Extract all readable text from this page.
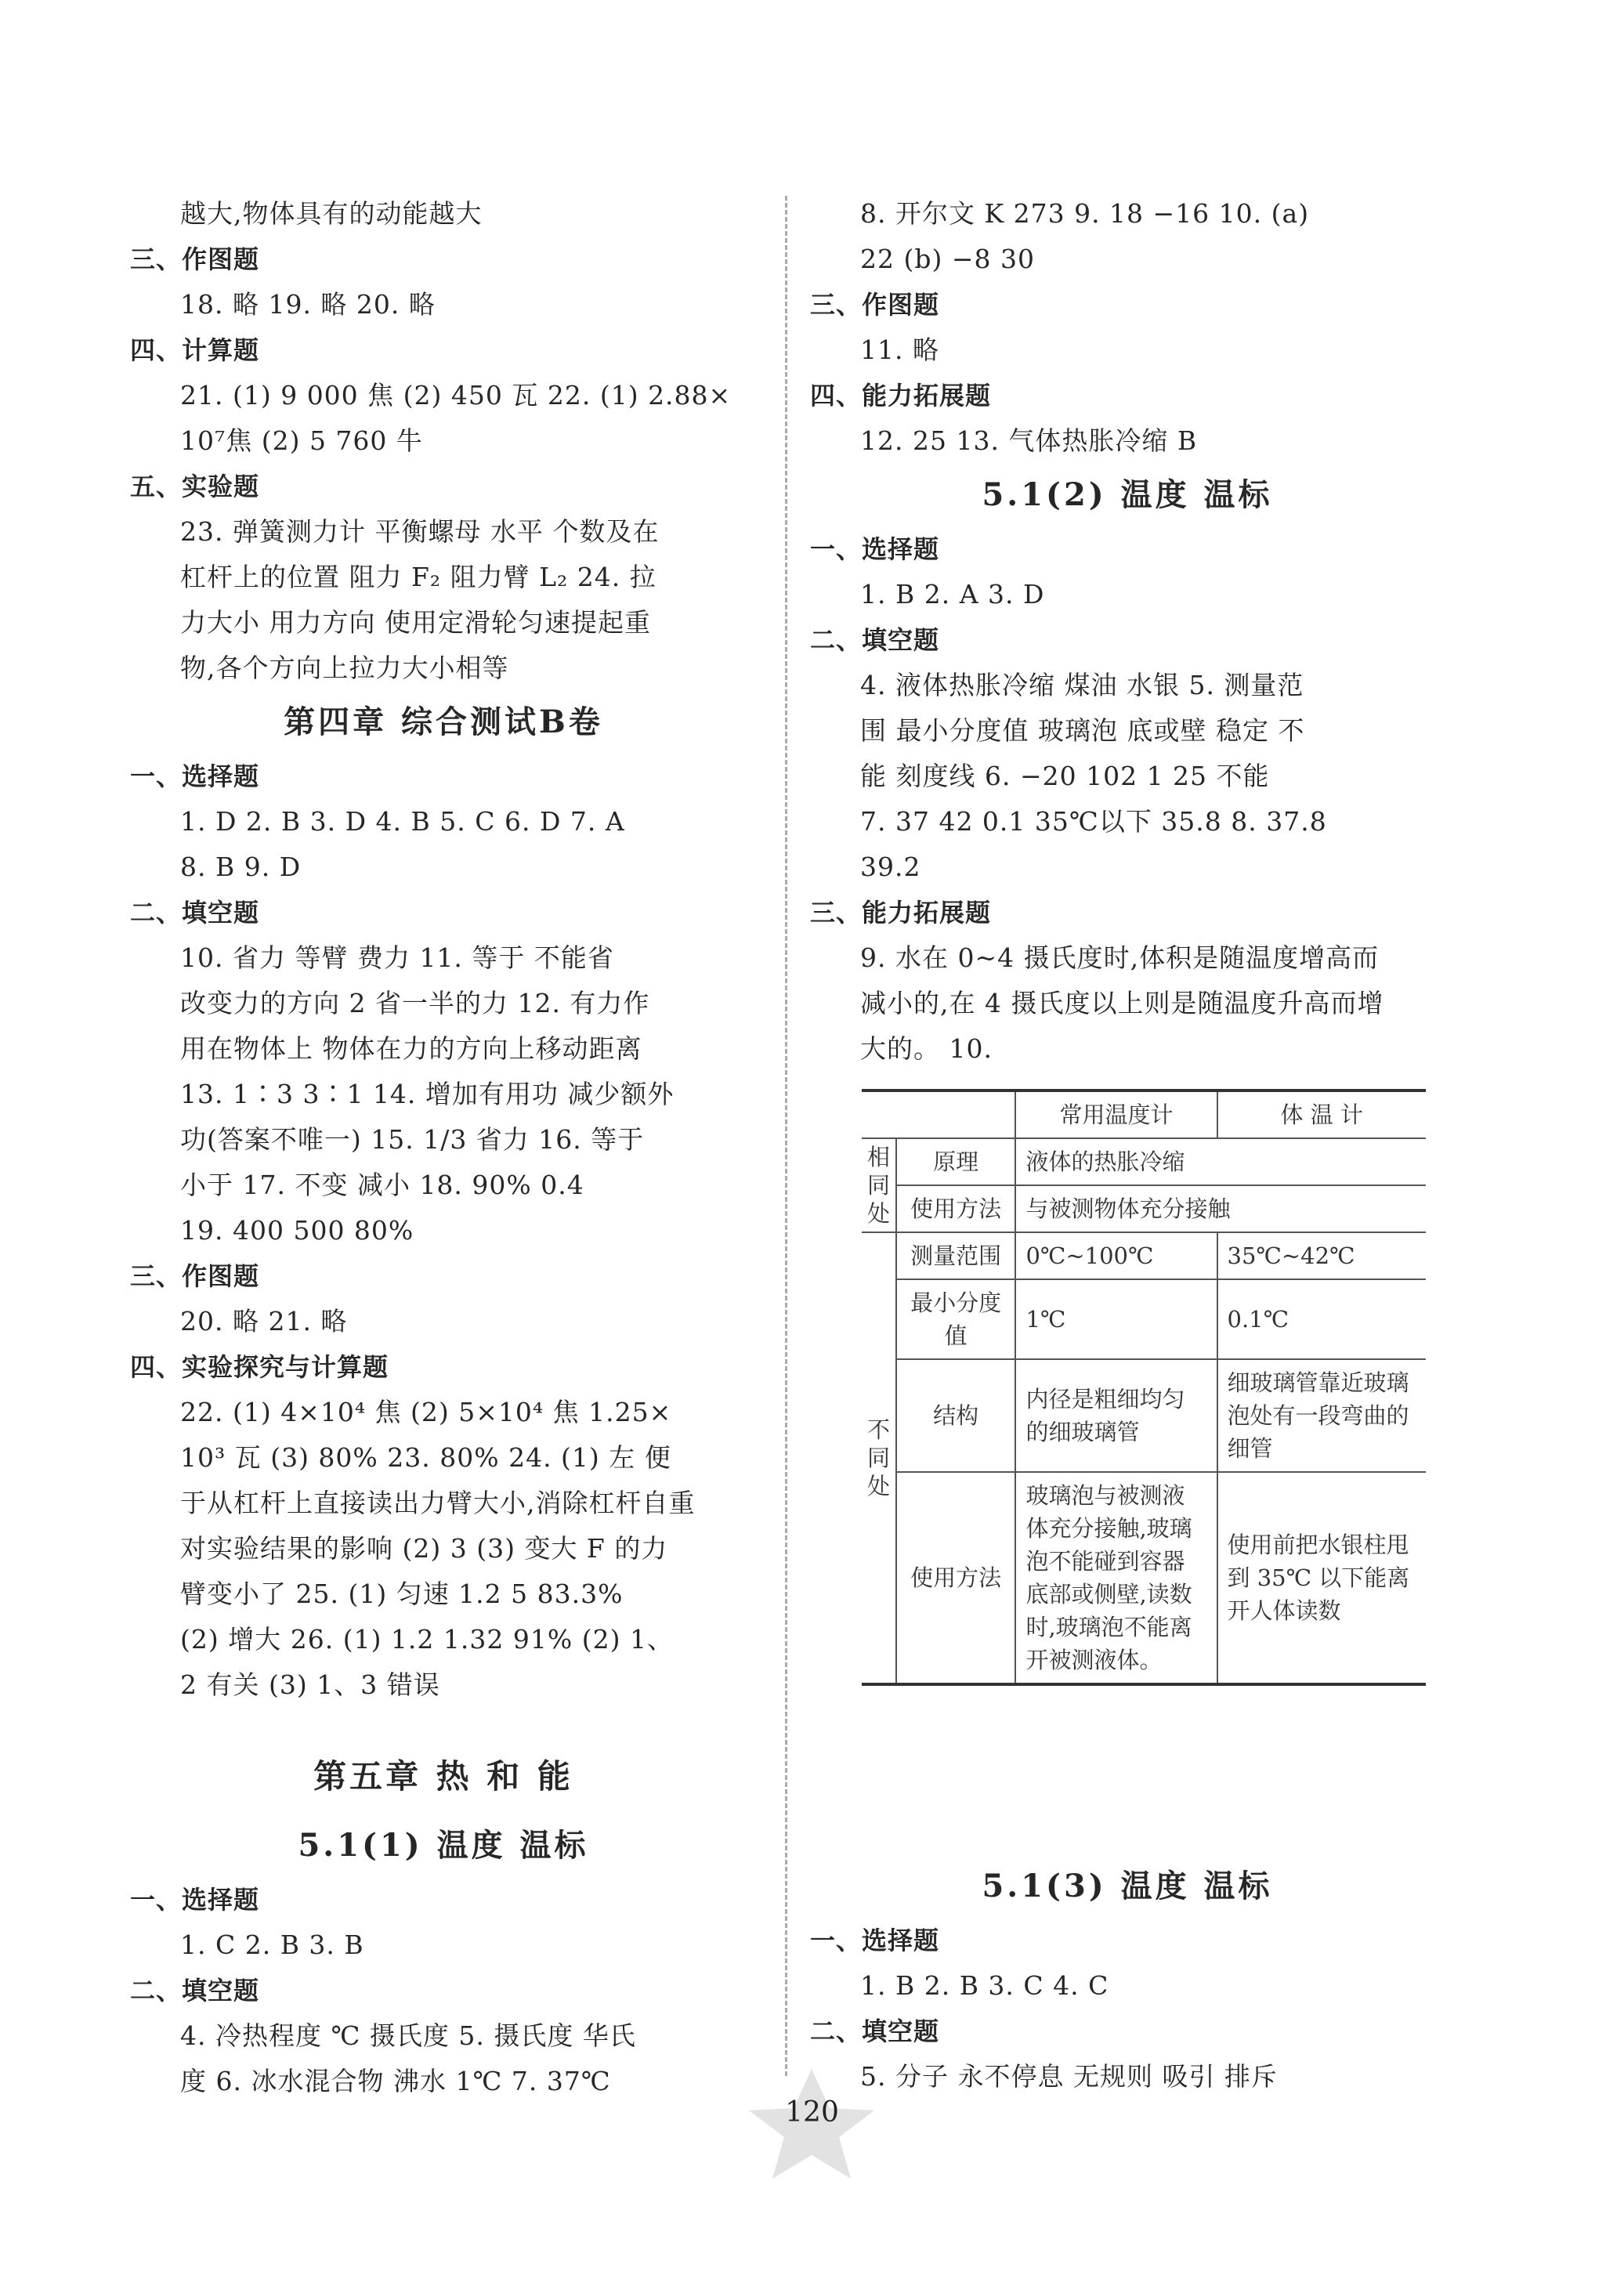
越大,物体具有的动能越大
三、作图题
18. 略 19. 略 20. 略
四、计算题
21. (1) 9 000 焦 (2) 450 瓦 22. (1) 2.88×
10⁷焦 (2) 5 760 牛
五、实验题
23. 弹簧测力计 平衡螺母 水平 个数及在
杠杆上的位置 阻力 F₂ 阻力臂 L₂ 24. 拉
力大小 用力方向 使用定滑轮匀速提起重
物,各个方向上拉力大小相等
第四章 综合测试B卷
一、选择题
1. D 2. B 3. D 4. B 5. C 6. D 7. A
8. B 9. D
二、填空题
10. 省力 等臂 费力 11. 等于 不能省
改变力的方向 2 省一半的力 12. 有力作
用在物体上 物体在力的方向上移动距离
13. 1∶3 3∶1 14. 增加有用功 减少额外
功(答案不唯一) 15. 1/3 省力 16. 等于
小于 17. 不变 减小 18. 90% 0.4
19. 400 500 80%
三、作图题
20. 略 21. 略
四、实验探究与计算题
22. (1) 4×10⁴ 焦 (2) 5×10⁴ 焦 1.25×
10³ 瓦 (3) 80% 23. 80% 24. (1) 左 便
于从杠杆上直接读出力臂大小,消除杠杆自重
对实验结果的影响 (2) 3 (3) 变大 F 的力
臂变小了 25. (1) 匀速 1.2 5 83.3%
(2) 增大 26. (1) 1.2 1.32 91% (2) 1、
2 有关 (3) 1、3 错误
第五章 热 和 能
5.1(1) 温度 温标
一、选择题
1. C 2. B 3. B
二、填空题
4. 冷热程度 ℃ 摄氏度 5. 摄氏度 华氏
度 6. 冰水混合物 沸水 1℃ 7. 37℃
8. 开尔文 K 273 9. 18 −16 10. (a)
22 (b) −8 30
三、作图题
11. 略
四、能力拓展题
12. 25 13. 气体热胀冷缩 B
5.1(2) 温度 温标
一、选择题
1. B 2. A 3. D
二、填空题
4. 液体热胀冷缩 煤油 水银 5. 测量范
围 最小分度值 玻璃泡 底或壁 稳定 不
能 刻度线 6. −20 102 1 25 不能
7. 37 42 0.1 35℃以下 35.8 8. 37.8
39.2
三、能力拓展题
9. 水在 0~4 摄氏度时,体积是随温度增高而
减小的,在 4 摄氏度以上则是随温度升高而增
大的。 10.
5.1(3) 温度 温标
一、选择题
1. B 2. B 3. C 4. C
二、填空题
5. 分子 永不停息 无规则 吸引 排斥
		常用温度计	体 温 计
相同处	原理	液体的热胀冷缩	
	使用方法	与被测物体充分接触	
不同处	测量范围	0℃~100℃	35℃~42℃
	最小分度值	1℃	0.1℃
	结构	内径是粗细均匀的细玻璃管	细玻璃管靠近玻璃泡处有一段弯曲的细管
	使用方法	玻璃泡与被测液体充分接触,玻璃泡不能碰到容器底部或侧壁,读数时,玻璃泡不能离开被测液体。	使用前把水银柱甩到 35℃ 以下能离开人体读数
120
